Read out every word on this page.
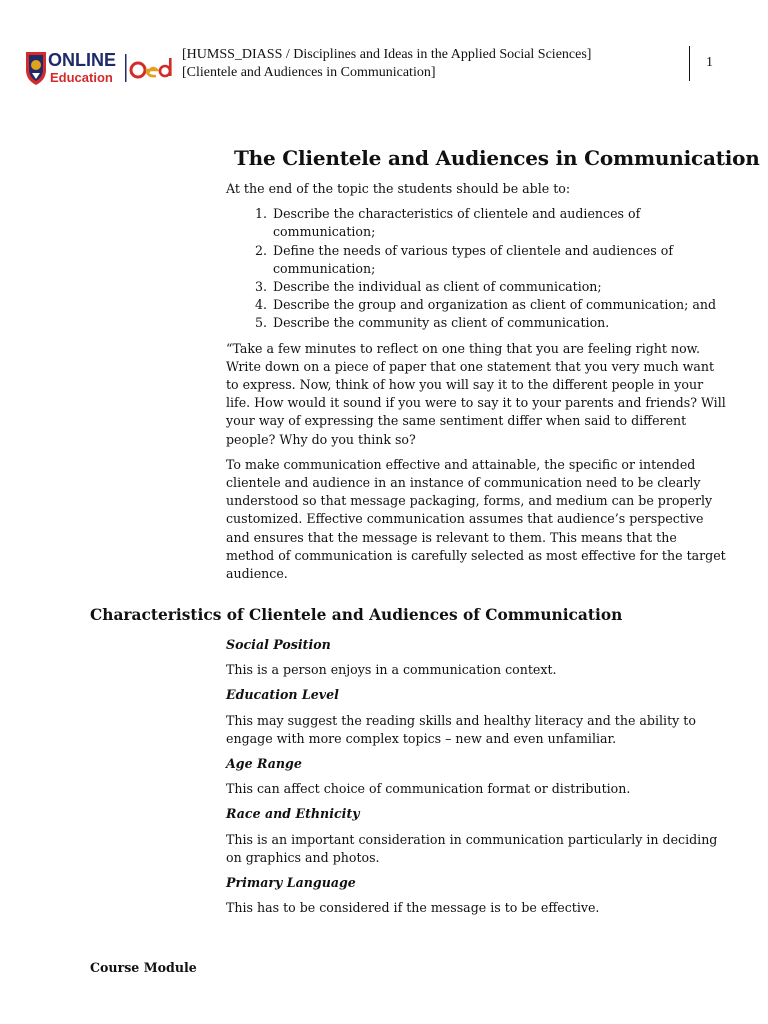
ONLINE
Education
[HUMSS_DIASS / Disciplines and Ideas in the Applied Social Sciences]
[Clientele and Audiences in Communication]
1
The Clientele and Audiences in Communication

At the end of the topic the students should be able to:

1. Describe the characteristics of clientele and audiences of communication;
2. Define the needs of various types of clientele and audiences of communication;
3. Describe the individual as client of communication;
4. Describe the group and organization as client of communication; and
5. Describe the community as client of communication.

“Take a few minutes to reflect on one thing that you are feeling right now. Write down on a piece of paper that one statement that you very much want to express. Now, think of how you will say it to the different people in your life. How would it sound if you were to say it to your parents and friends? Will your way of expressing the same sentiment differ when said to different people? Why do you think so?

To make communication effective and attainable, the specific or intended clientele and audience in an instance of communication need to be clearly understood so that message packaging, forms, and medium can be properly customized. Effective communication assumes that audience’s perspective and ensures that the message is relevant to them. This means that the method of communication is carefully selected as most effective for the target audience.

Characteristics of Clientele and Audiences of Communication
Social Position
This is a person enjoys in a communication context.
Education Level
This may suggest the reading skills and healthy literacy and the ability to engage with more complex topics – new and even unfamiliar.
Age Range
This can affect choice of communication format or distribution.
Race and Ethnicity
This is an important consideration in communication particularly in deciding on graphics and photos.
Primary Language
This has to be considered if the message is to be effective.
Course Module
